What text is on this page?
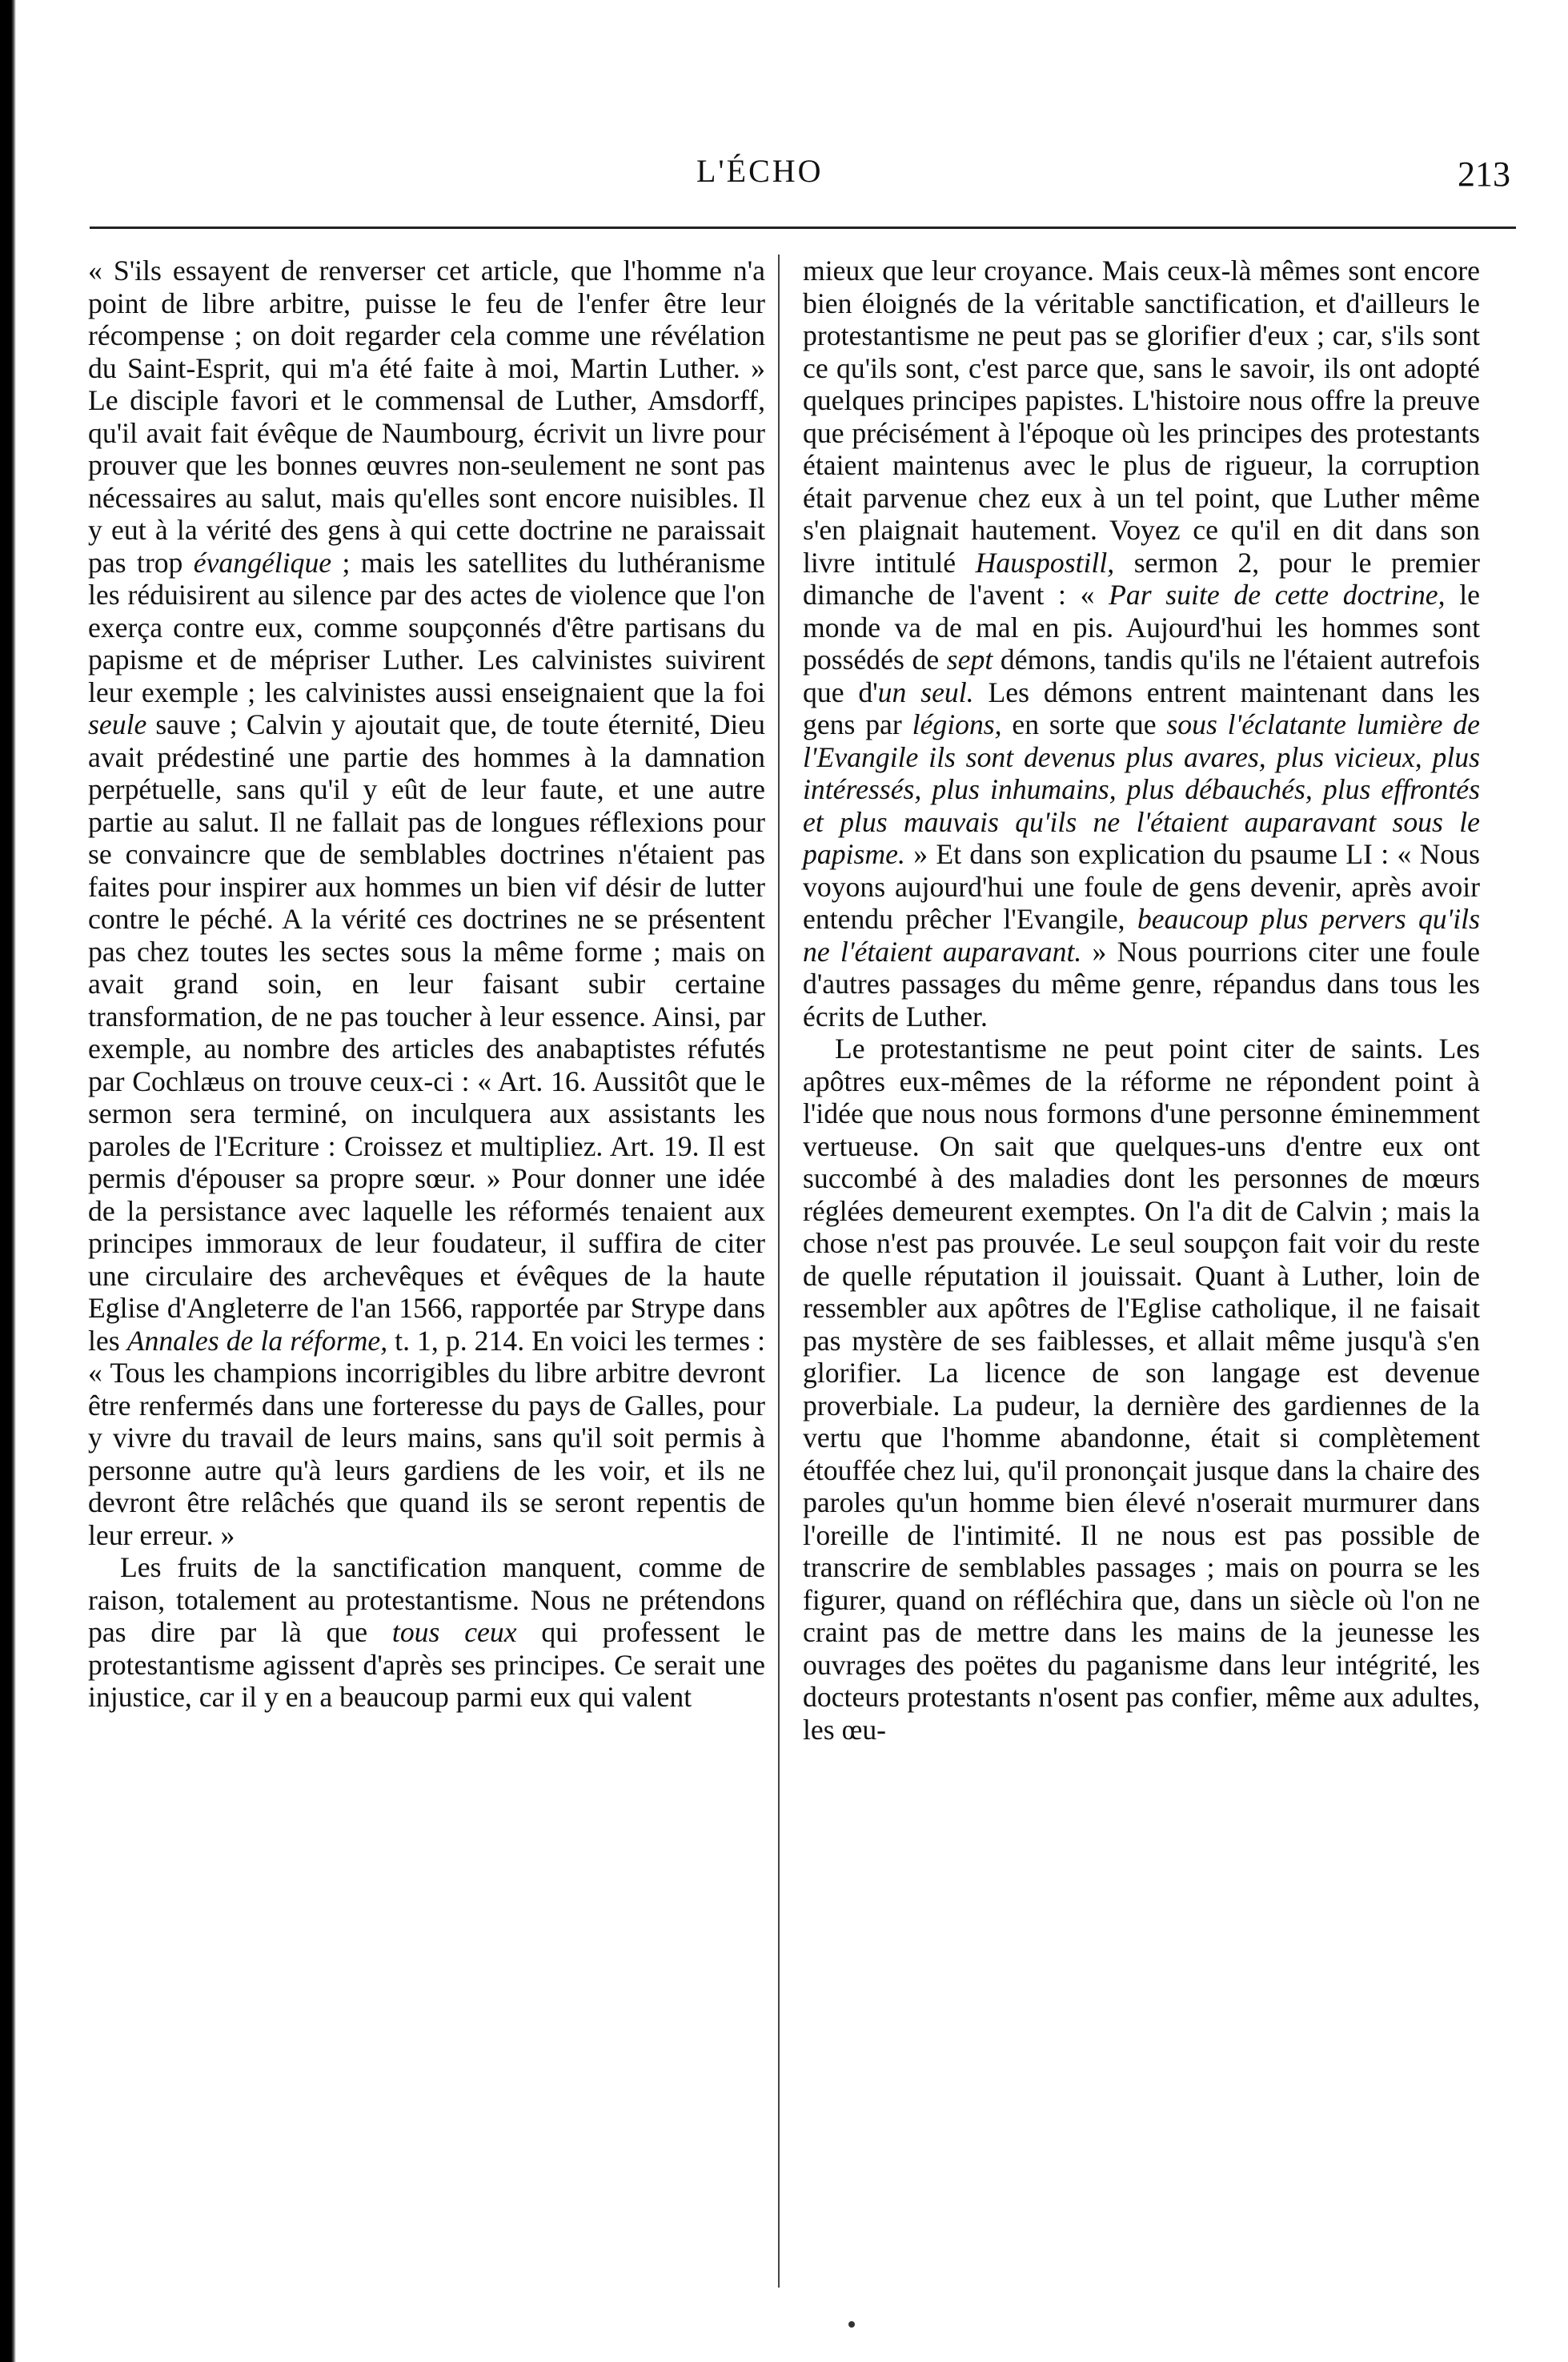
L'ÉCHO	213

« S'ils essayent de renverser cet article, que l'homme n'a point de libre arbitre, puisse le feu de l'enfer être leur récompense ; on doit regarder cela comme une révélation du Saint-Esprit, qui m'a été faite à moi, Martin Luther. » Le disciple favori et le commensal de Luther, Amsdorff, qu'il avait fait évêque de Naumbourg, écrivit un livre pour prouver que les bonnes œuvres non-seulement ne sont pas nécessaires au salut, mais qu'elles sont encore nuisibles. Il y eut à la vérité des gens à qui cette doctrine ne paraissait pas trop évangélique ; mais les satellites du luthéranisme les réduisirent au silence par des actes de violence que l'on exerça contre eux, comme soupçonnés d'être partisans du papisme et de mépriser Luther. Les calvinistes suivirent leur exemple ; les calvinistes aussi enseignaient que la foi seule sauve ; Calvin y ajoutait que, de toute éternité, Dieu avait prédestiné une partie des hommes à la damnation perpétuelle, sans qu'il y eût de leur faute, et une autre partie au salut. Il ne fallait pas de longues réflexions pour se convaincre que de semblables doctrines n'étaient pas faites pour inspirer aux hommes un bien vif désir de lutter contre le péché. A la vérité ces doctrines ne se présentent pas chez toutes les sectes sous la même forme ; mais on avait grand soin, en leur faisant subir certaine transformation, de ne pas toucher à leur essence. Ainsi, par exemple, au nombre des articles des anabaptistes réfutés par Cochlæus on trouve ceux-ci : « Art. 16. Aussitôt que le sermon sera terminé, on inculquera aux assistants les paroles de l'Ecriture : Croissez et multipliez. Art. 19. Il est permis d'épouser sa propre sœur. » Pour donner une idée de la persistance avec laquelle les réformés tenaient aux principes immoraux de leur foudateur, il suffira de citer une circulaire des archevêques et évêques de la haute Eglise d'Angleterre de l'an 1566, rapportée par Strype dans les Annales de la réforme, t. 1, p. 214. En voici les termes : « Tous les champions incorrigibles du libre arbitre devront être renfermés dans une forteresse du pays de Galles, pour y vivre du travail de leurs mains, sans qu'il soit permis à personne autre qu'à leurs gardiens de les voir, et ils ne devront être relâchés que quand ils se seront repentis de leur erreur. »

Les fruits de la sanctification manquent, comme de raison, totalement au protestantisme. Nous ne prétendons pas dire par là que tous ceux qui professent le protestantisme agissent d'après ses principes. Ce serait une injustice, car il y en a beaucoup parmi eux qui valent

mieux que leur croyance. Mais ceux-là mêmes sont encore bien éloignés de la véritable sanctification, et d'ailleurs le protestantisme ne peut pas se glorifier d'eux ; car, s'ils sont ce qu'ils sont, c'est parce que, sans le savoir, ils ont adopté quelques principes papistes. L'histoire nous offre la preuve que précisément à l'époque où les principes des protestants étaient maintenus avec le plus de rigueur, la corruption était parvenue chez eux à un tel point, que Luther même s'en plaignait hautement. Voyez ce qu'il en dit dans son livre intitulé Hauspostill, sermon 2, pour le premier dimanche de l'avent : « Par suite de cette doctrine, le monde va de mal en pis. Aujourd'hui les hommes sont possédés de sept démons, tandis qu'ils ne l'étaient autrefois que d'un seul. Les démons entrent maintenant dans les gens par légions, en sorte que sous l'éclatante lumière de l'Evangile ils sont devenus plus avares, plus vicieux, plus intéressés, plus inhumains, plus débauchés, plus effrontés et plus mauvais qu'ils ne l'étaient auparavant sous le papisme. » Et dans son explication du psaume LI : « Nous voyons aujourd'hui une foule de gens devenir, après avoir entendu prêcher l'Evangile, beaucoup plus pervers qu'ils ne l'étaient auparavant. » Nous pourrions citer une foule d'autres passages du même genre, répandus dans tous les écrits de Luther.

Le protestantisme ne peut point citer de saints. Les apôtres eux-mêmes de la réforme ne répondent point à l'idée que nous nous formons d'une personne éminemment vertueuse. On sait que quelques-uns d'entre eux ont succombé à des maladies dont les personnes de mœurs réglées demeurent exemptes. On l'a dit de Calvin ; mais la chose n'est pas prouvée. Le seul soupçon fait voir du reste de quelle réputation il jouissait. Quant à Luther, loin de ressembler aux apôtres de l'Eglise catholique, il ne faisait pas mystère de ses faiblesses, et allait même jusqu'à s'en glorifier. La licence de son langage est devenue proverbiale. La pudeur, la dernière des gardiennes de la vertu que l'homme abandonne, était si complètement étouffée chez lui, qu'il prononçait jusque dans la chaire des paroles qu'un homme bien élevé n'oserait murmurer dans l'oreille de l'intimité. Il ne nous est pas possible de transcrire de semblables passages ; mais on pourra se les figurer, quand on réfléchira que, dans un siècle où l'on ne craint pas de mettre dans les mains de la jeunesse les ouvrages des poëtes du paganisme dans leur intégrité, les docteurs protestants n'osent pas confier, même aux adultes, les œu-
